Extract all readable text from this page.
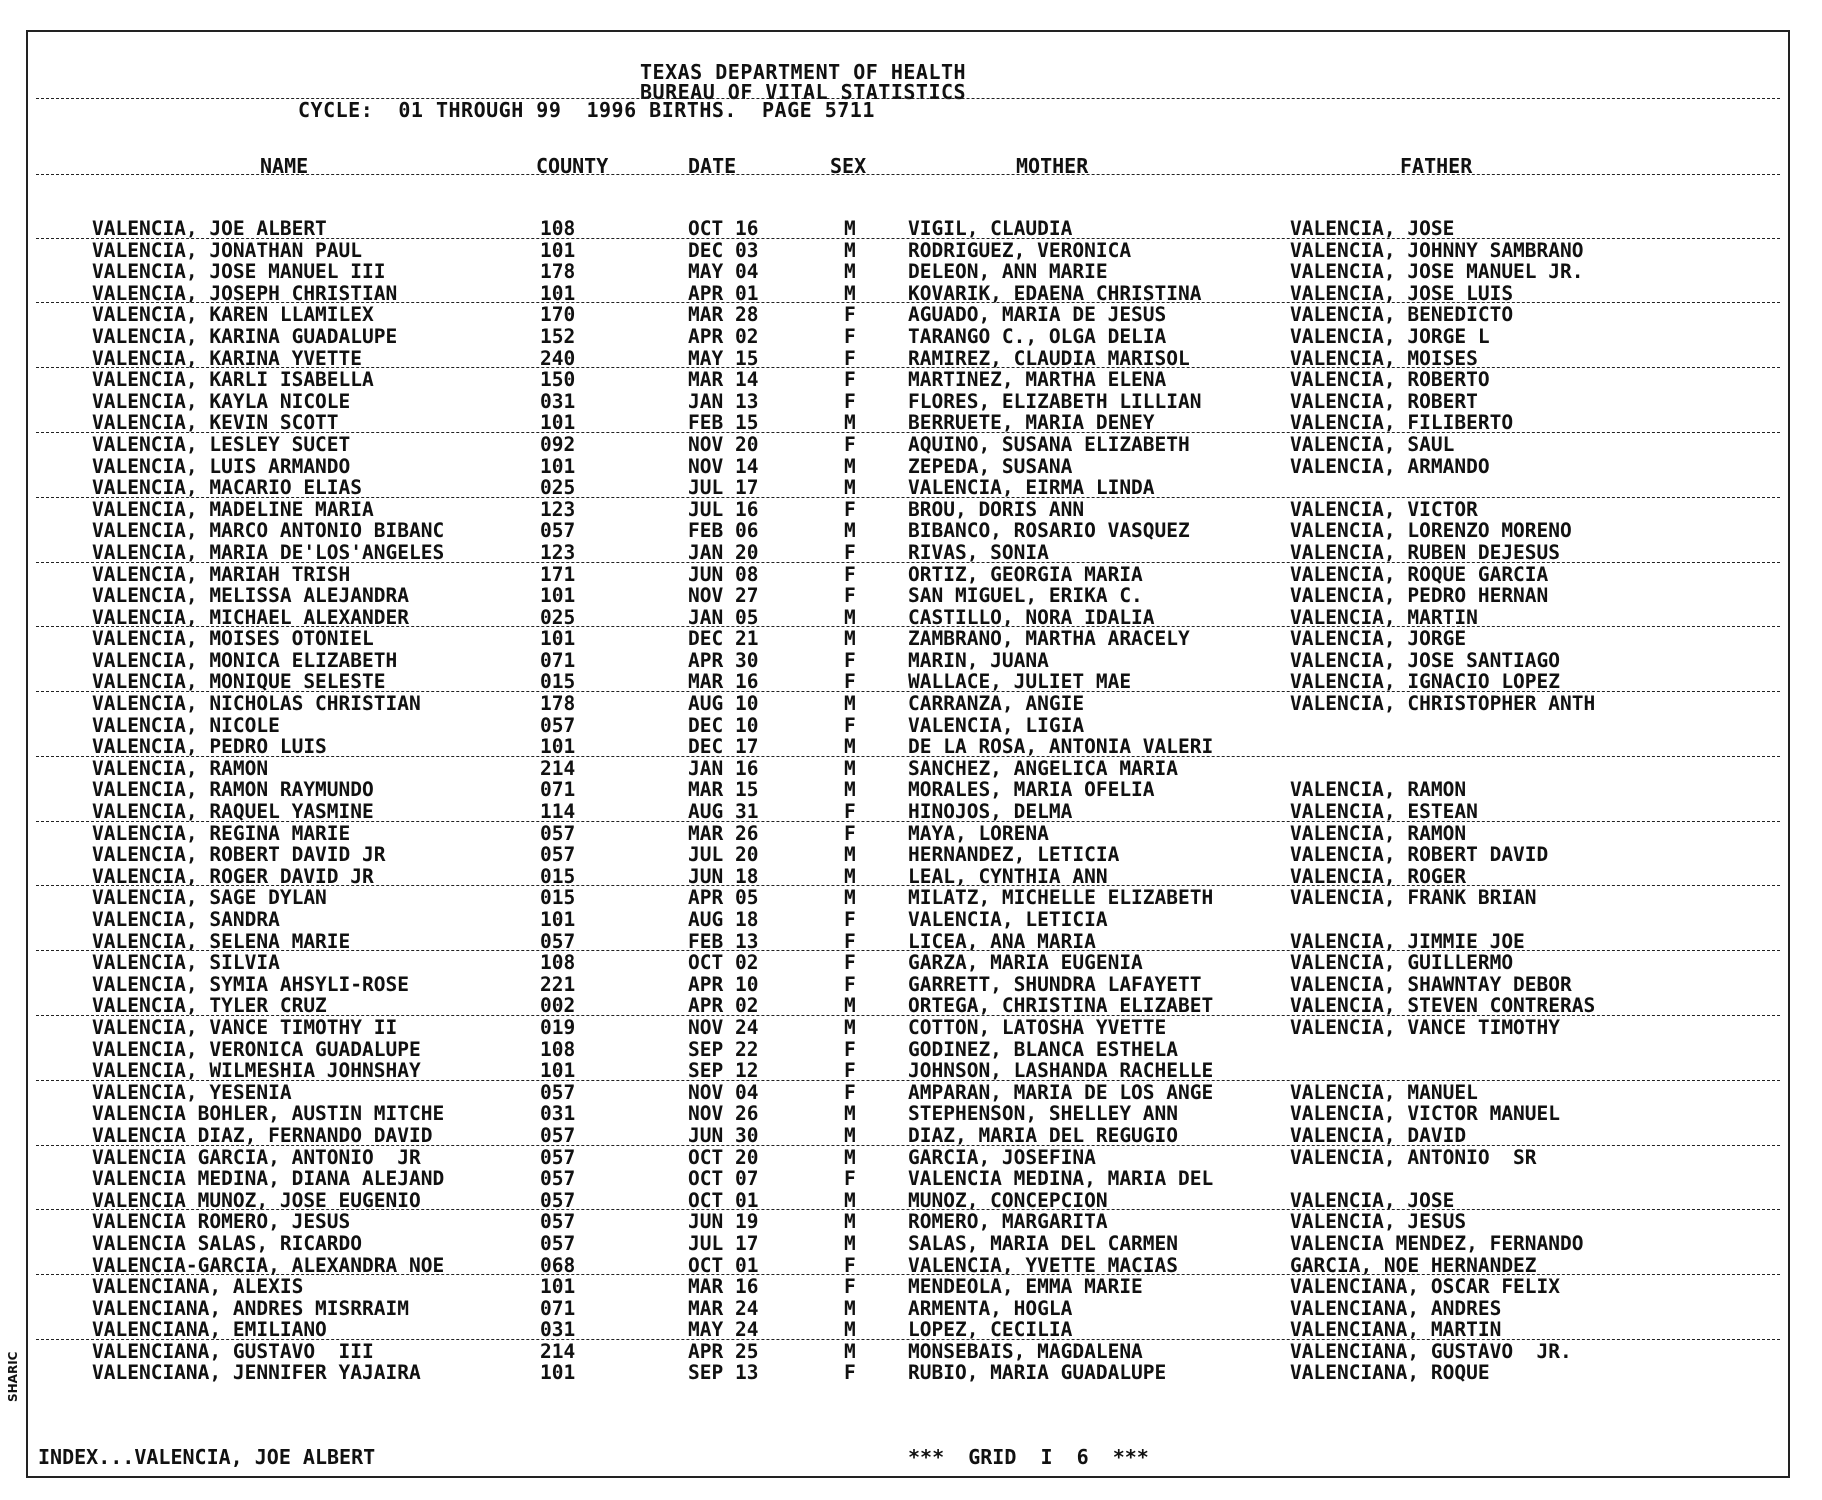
TEXAS DEPARTMENT OF HEALTH
BUREAU OF VITAL STATISTICS
CYCLE:  01 THROUGH 99  1996 BIRTHS.  PAGE 5711
NAME	COUNTY	DATE	SEX	MOTHER	FATHER
VALENCIA, JOE ALBERT	108	OCT 16	M	VIGIL, CLAUDIA	VALENCIA, JOSE
VALENCIA, JONATHAN PAUL	101	DEC 03	M	RODRIGUEZ, VERONICA	VALENCIA, JOHNNY SAMBRANO
VALENCIA, JOSE MANUEL III	178	MAY 04	M	DELEON, ANN MARIE	VALENCIA, JOSE MANUEL JR.
VALENCIA, JOSEPH CHRISTIAN	101	APR 01	M	KOVARIK, EDAENA CHRISTINA	VALENCIA, JOSE LUIS
VALENCIA, KAREN LLAMILEX	170	MAR 28	F	AGUADO, MARIA DE JESUS	VALENCIA, BENEDICTO
VALENCIA, KARINA GUADALUPE	152	APR 02	F	TARANGO C., OLGA DELIA	VALENCIA, JORGE L
VALENCIA, KARINA YVETTE	240	MAY 15	F	RAMIREZ, CLAUDIA MARISOL	VALENCIA, MOISES
VALENCIA, KARLI ISABELLA	150	MAR 14	F	MARTINEZ, MARTHA ELENA	VALENCIA, ROBERTO
VALENCIA, KAYLA NICOLE	031	JAN 13	F	FLORES, ELIZABETH LILLIAN	VALENCIA, ROBERT
VALENCIA, KEVIN SCOTT	101	FEB 15	M	BERRUETE, MARIA DENEY	VALENCIA, FILIBERTO
VALENCIA, LESLEY SUCET	092	NOV 20	F	AQUINO, SUSANA ELIZABETH	VALENCIA, SAUL
VALENCIA, LUIS ARMANDO	101	NOV 14	M	ZEPEDA, SUSANA	VALENCIA, ARMANDO
VALENCIA, MACARIO ELIAS	025	JUL 17	M	VALENCIA, EIRMA LINDA
VALENCIA, MADELINE MARIA	123	JUL 16	F	BROU, DORIS ANN	VALENCIA, VICTOR
VALENCIA, MARCO ANTONIO BIBANC	057	FEB 06	M	BIBANCO, ROSARIO VASQUEZ	VALENCIA, LORENZO MORENO
VALENCIA, MARIA DE'LOS'ANGELES	123	JAN 20	F	RIVAS, SONIA	VALENCIA, RUBEN DEJESUS
VALENCIA, MARIAH TRISH	171	JUN 08	F	ORTIZ, GEORGIA MARIA	VALENCIA, ROQUE GARCIA
VALENCIA, MELISSA ALEJANDRA	101	NOV 27	F	SAN MIGUEL, ERIKA C.	VALENCIA, PEDRO HERNAN
VALENCIA, MICHAEL ALEXANDER	025	JAN 05	M	CASTILLO, NORA IDALIA	VALENCIA, MARTIN
VALENCIA, MOISES OTONIEL	101	DEC 21	M	ZAMBRANO, MARTHA ARACELY	VALENCIA, JORGE
VALENCIA, MONICA ELIZABETH	071	APR 30	F	MARIN, JUANA	VALENCIA, JOSE SANTIAGO
VALENCIA, MONIQUE SELESTE	015	MAR 16	F	WALLACE, JULIET MAE	VALENCIA, IGNACIO LOPEZ
VALENCIA, NICHOLAS CHRISTIAN	178	AUG 10	M	CARRANZA, ANGIE	VALENCIA, CHRISTOPHER ANTH
VALENCIA, NICOLE	057	DEC 10	F	VALENCIA, LIGIA
VALENCIA, PEDRO LUIS	101	DEC 17	M	DE LA ROSA, ANTONIA VALERI
VALENCIA, RAMON	214	JAN 16	M	SANCHEZ, ANGELICA MARIA
VALENCIA, RAMON RAYMUNDO	071	MAR 15	M	MORALES, MARIA OFELIA	VALENCIA, RAMON
VALENCIA, RAQUEL YASMINE	114	AUG 31	F	HINOJOS, DELMA	VALENCIA, ESTEAN
VALENCIA, REGINA MARIE	057	MAR 26	F	MAYA, LORENA	VALENCIA, RAMON
VALENCIA, ROBERT DAVID JR	057	JUL 20	M	HERNANDEZ, LETICIA	VALENCIA, ROBERT DAVID
VALENCIA, ROGER DAVID JR	015	JUN 18	M	LEAL, CYNTHIA ANN	VALENCIA, ROGER
VALENCIA, SAGE DYLAN	015	APR 05	M	MILATZ, MICHELLE ELIZABETH	VALENCIA, FRANK BRIAN
VALENCIA, SANDRA	101	AUG 18	F	VALENCIA, LETICIA
VALENCIA, SELENA MARIE	057	FEB 13	F	LICEA, ANA MARIA	VALENCIA, JIMMIE JOE
VALENCIA, SILVIA	108	OCT 02	F	GARZA, MARIA EUGENIA	VALENCIA, GUILLERMO
VALENCIA, SYMIA AHSYLI-ROSE	221	APR 10	F	GARRETT, SHUNDRA LAFAYETT	VALENCIA, SHAWNTAY DEBOR
VALENCIA, TYLER CRUZ	002	APR 02	M	ORTEGA, CHRISTINA ELIZABET	VALENCIA, STEVEN CONTRERAS
VALENCIA, VANCE TIMOTHY II	019	NOV 24	M	COTTON, LATOSHA YVETTE	VALENCIA, VANCE TIMOTHY
VALENCIA, VERONICA GUADALUPE	108	SEP 22	F	GODINEZ, BLANCA ESTHELA
VALENCIA, WILMESHIA JOHNSHAY	101	SEP 12	F	JOHNSON, LASHANDA RACHELLE
VALENCIA, YESENIA	057	NOV 04	F	AMPARAN, MARIA DE LOS ANGE	VALENCIA, MANUEL
VALENCIA BOHLER, AUSTIN MITCHE	031	NOV 26	M	STEPHENSON, SHELLEY ANN	VALENCIA, VICTOR MANUEL
VALENCIA DIAZ, FERNANDO DAVID	057	JUN 30	M	DIAZ, MARIA DEL REGUGIO	VALENCIA, DAVID
VALENCIA GARCIA, ANTONIO  JR	057	OCT 20	M	GARCIA, JOSEFINA	VALENCIA, ANTONIO  SR
VALENCIA MEDINA, DIANA ALEJAND	057	OCT 07	F	VALENCIA MEDINA, MARIA DEL
VALENCIA MUNOZ, JOSE EUGENIO	057	OCT 01	M	MUNOZ, CONCEPCION	VALENCIA, JOSE
VALENCIA ROMERO, JESUS	057	JUN 19	M	ROMERO, MARGARITA	VALENCIA, JESUS
VALENCIA SALAS, RICARDO	057	JUL 17	M	SALAS, MARIA DEL CARMEN	VALENCIA MENDEZ, FERNANDO
VALENCIA-GARCIA, ALEXANDRA NOE	068	OCT 01	F	VALENCIA, YVETTE MACIAS	GARCIA, NOE HERNANDEZ
VALENCIANA, ALEXIS	101	MAR 16	F	MENDEOLA, EMMA MARIE	VALENCIANA, OSCAR FELIX
VALENCIANA, ANDRES MISRRAIM	071	MAR 24	M	ARMENTA, HOGLA	VALENCIANA, ANDRES
VALENCIANA, EMILIANO	031	MAY 24	M	LOPEZ, CECILIA	VALENCIANA, MARTIN
VALENCIANA, GUSTAVO  III	214	APR 25	M	MONSEBAIS, MAGDALENA	VALENCIANA, GUSTAVO  JR.
VALENCIANA, JENNIFER YAJAIRA	101	SEP 13	F	RUBIO, MARIA GUADALUPE	VALENCIANA, ROQUE
INDEX...VALENCIA, JOE ALBERT	***  GRID  I  6  ***
SHARIC
